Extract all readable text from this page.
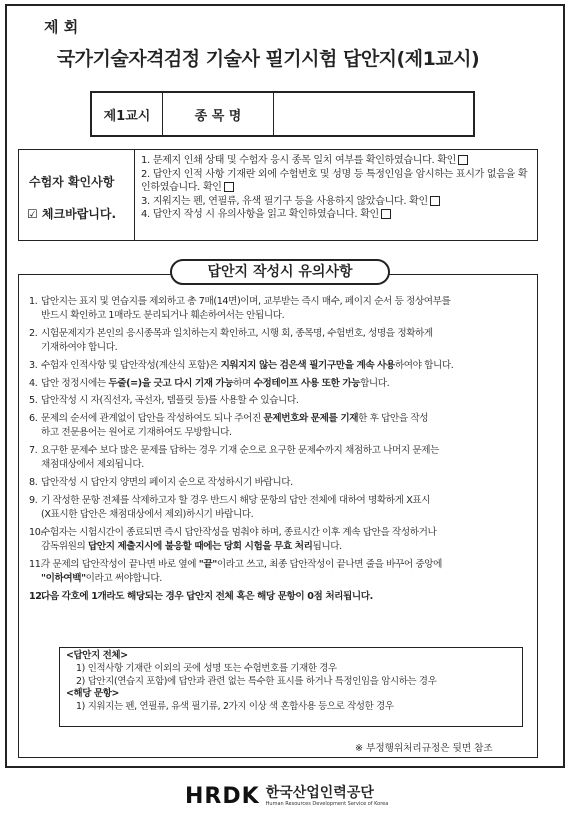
제 회
국가기술자격검정 기술사 필기시험 답안지(제1교시)
제1교시	종 목 명
수험자 확인사항
☑ 체크바랍니다.
1. 문제지 인쇄 상태 및 수험자 응시 종목 일치 여부를 확인하였습니다. 확인
2. 답안지 인적 사항 기재란 외에 수험번호 및 성명 등 특정인임을 암시하는 표시가 없음을 확인하였습니다. 확인
3. 지워지는 펜, 연필류, 유색 필기구 등을 사용하지 않았습니다. 확인
4. 답안지 작성 시 유의사항을 읽고 확인하였습니다. 확인
1. 답안지는 표지 및 연습지를 제외하고 총 7매(14면)이며, 교부받는 즉시 매수, 페이지 순서 등 정상여부를
반드시 확인하고 1매라도 분리되거나 훼손하여서는 안됩니다.
2. 시험문제지가 본인의 응시종목과 일치하는지 확인하고, 시행 회, 종목명, 수험번호, 성명을 정확하게
기재하여야 합니다.
3. 수험자 인적사항 및 답안작성(계산식 포함)은 지워지지 않는 검은색 필기구만을 계속 사용하여야 합니다.
4. 답안 정정시에는 두줄(=)을 긋고 다시 기재 가능하며 수정테이프 사용 또한 가능합니다.
5. 답안작성 시 자(직선자, 곡선자, 템플릿 등)를 사용할 수 있습니다.
6. 문제의 순서에 관계없이 답안을 작성하여도 되나 주어진 문제번호와 문제를 기재한 후 답안을 작성
하고 전문용어는 원어로 기재하여도 무방합니다.
7. 요구한 문제수 보다 많은 문제를 답하는 경우 기재 순으로 요구한 문제수까지 채점하고 나머지 문제는
채점대상에서 제외됩니다.
8. 답안작성 시 답안지 양면의 페이지 순으로 작성하시기 바랍니다.
9. 기 작성한 문항 전체를 삭제하고자 할 경우 반드시 해당 문항의 답안 전체에 대하여 명확하게 X표시
(X표시한 답안은 채점대상에서 제외)하시기 바랍니다.
10.수험자는 시험시간이 종료되면 즉시 답안작성을 멈춰야 하며, 종료시간 이후 계속 답안을 작성하거나
감독위원의 답안지 제출지시에 불응할 때에는 당회 시험을 무효 처리됩니다.
11.각 문제의 답안작성이 끝나면 바로 옆에 "끝"이라고 쓰고, 최종 답안작성이 끝나면 줄을 바꾸어 중앙에
"이하여백"이라고 써야합니다.
12.다음 각호에 1개라도 해당되는 경우 답안지 전체 혹은 해당 문항이 0점 처리됩니다.
<답안지 전체>
1) 인적사항 기재란 이외의 곳에 성명 또는 수험번호를 기재한 경우
2) 답안지(연습지 포함)에 답안과 관련 없는 특수한 표시를 하거나 특정인임을 암시하는 경우
<해당 문항>
1) 지워지는 펜, 연필류, 유색 필기류, 2가지 이상 색 혼합사용 등으로 작성한 경우
※ 부정행위처리규정은 뒷면 참조
답안지 작성시 유의사항
HRDK 한국산업인력공단
Human Resources Development Service of Korea
